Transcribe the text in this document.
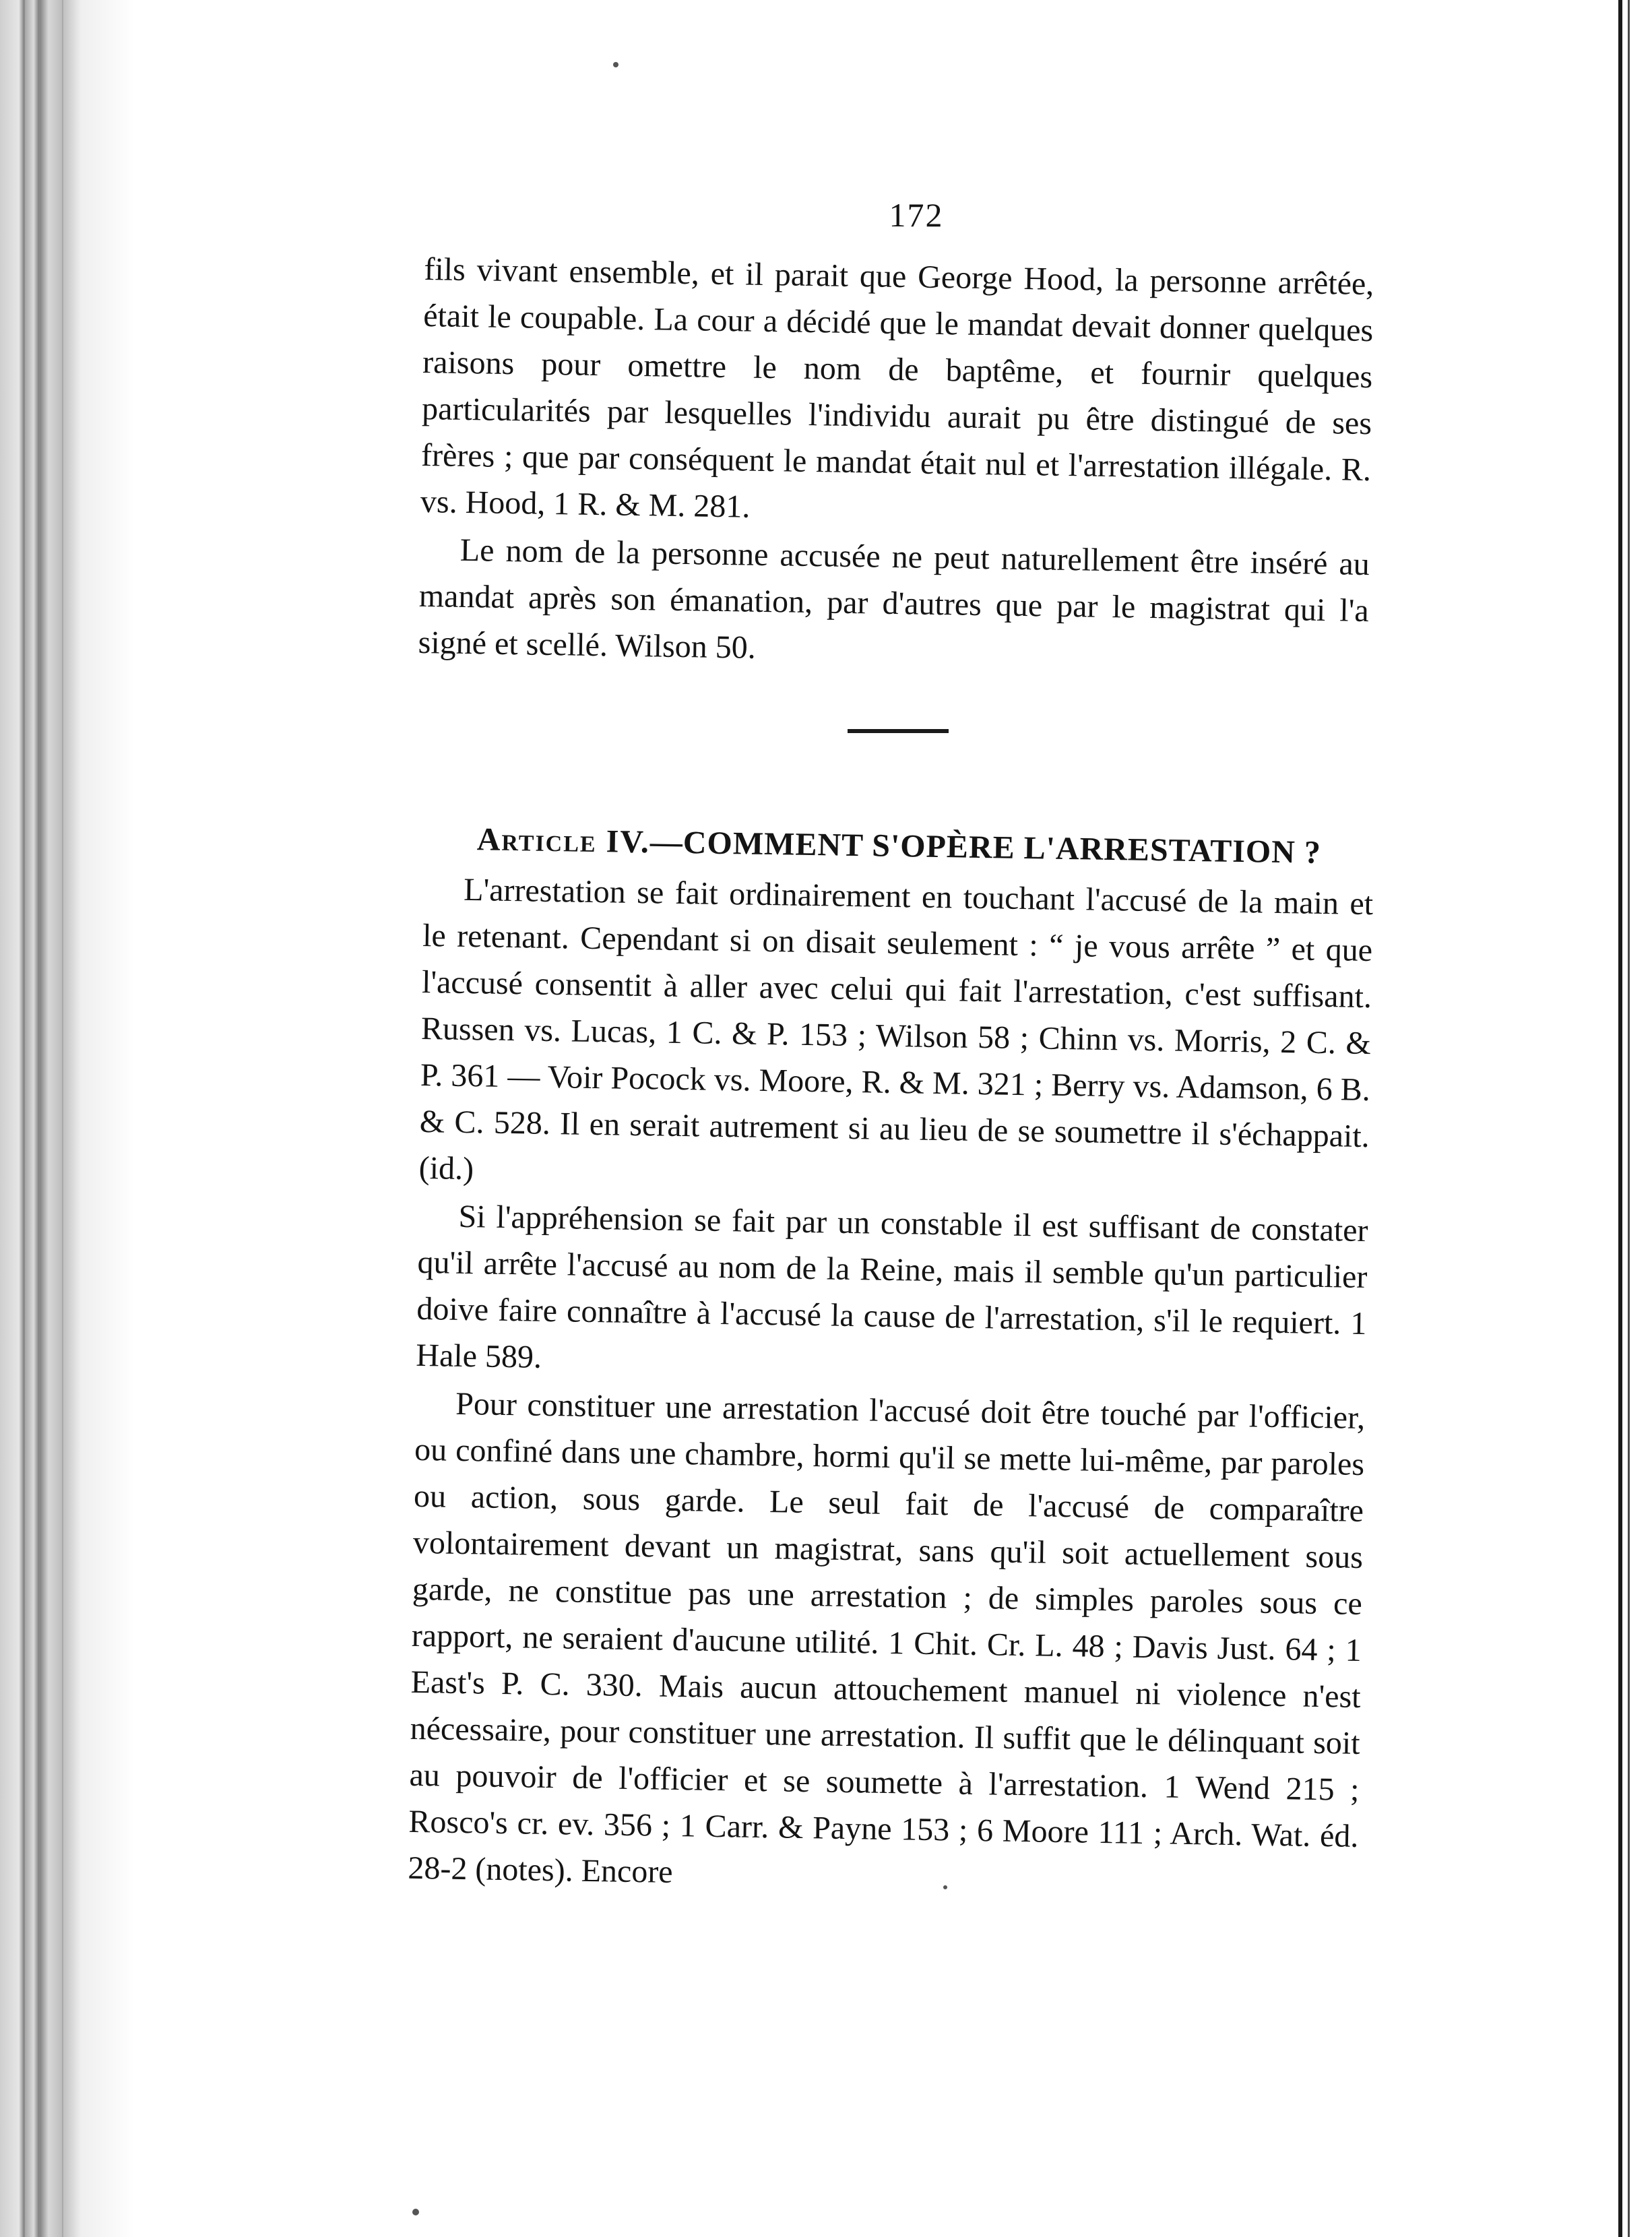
172

fils vivant ensemble, et il parait que George Hood, la personne arrêtée, était le coupable. La cour a décidé que le mandat devait donner quelques raisons pour omettre le nom de baptême, et fournir quelques particularités par lesquelles l'individu aurait pu être distingué de ses frères ; que par conséquent le mandat était nul et l'arrestation illégale. R. vs. Hood, 1 R. & M. 281.

Le nom de la personne accusée ne peut naturellement être inséré au mandat après son émanation, par d'autres que par le magistrat qui l'a signé et scellé. Wilson 50.

Article IV.—COMMENT S'OPÈRE L'ARRESTATION ?

L'arrestation se fait ordinairement en touchant l'accusé de la main et le retenant. Cependant si on disait seulement : “ je vous arrête ” et que l'accusé consentit à aller avec celui qui fait l'arrestation, c'est suffisant. Russen vs. Lucas, 1 C. & P. 153 ; Wilson 58 ; Chinn vs. Morris, 2 C. & P. 361 — Voir Pocock vs. Moore, R. & M. 321 ; Berry vs. Adamson, 6 B. & C. 528. Il en serait autrement si au lieu de se soumettre il s'échappait. (id.)

Si l'appréhension se fait par un constable il est suffisant de constater qu'il arrête l'accusé au nom de la Reine, mais il semble qu'un particulier doive faire connaître à l'accusé la cause de l'arrestation, s'il le requiert. 1 Hale 589.

Pour constituer une arrestation l'accusé doit être touché par l'officier, ou confiné dans une chambre, hormi qu'il se mette lui-même, par paroles ou action, sous garde. Le seul fait de l'accusé de comparaître volontairement devant un magistrat, sans qu'il soit actuellement sous garde, ne constitue pas une arrestation ; de simples paroles sous ce rapport, ne seraient d'aucune utilité. 1 Chit. Cr. L. 48 ; Davis Just. 64 ; 1 East's P. C. 330. Mais aucun attouchement manuel ni violence n'est nécessaire, pour constituer une arrestation. Il suffit que le délinquant soit au pouvoir de l'officier et se soumette à l'arrestation. 1 Wend 215 ; Rosco's cr. ev. 356 ; 1 Carr. & Payne 153 ; 6 Moore 111 ; Arch. Wat. éd. 28-2 (notes). Encore
